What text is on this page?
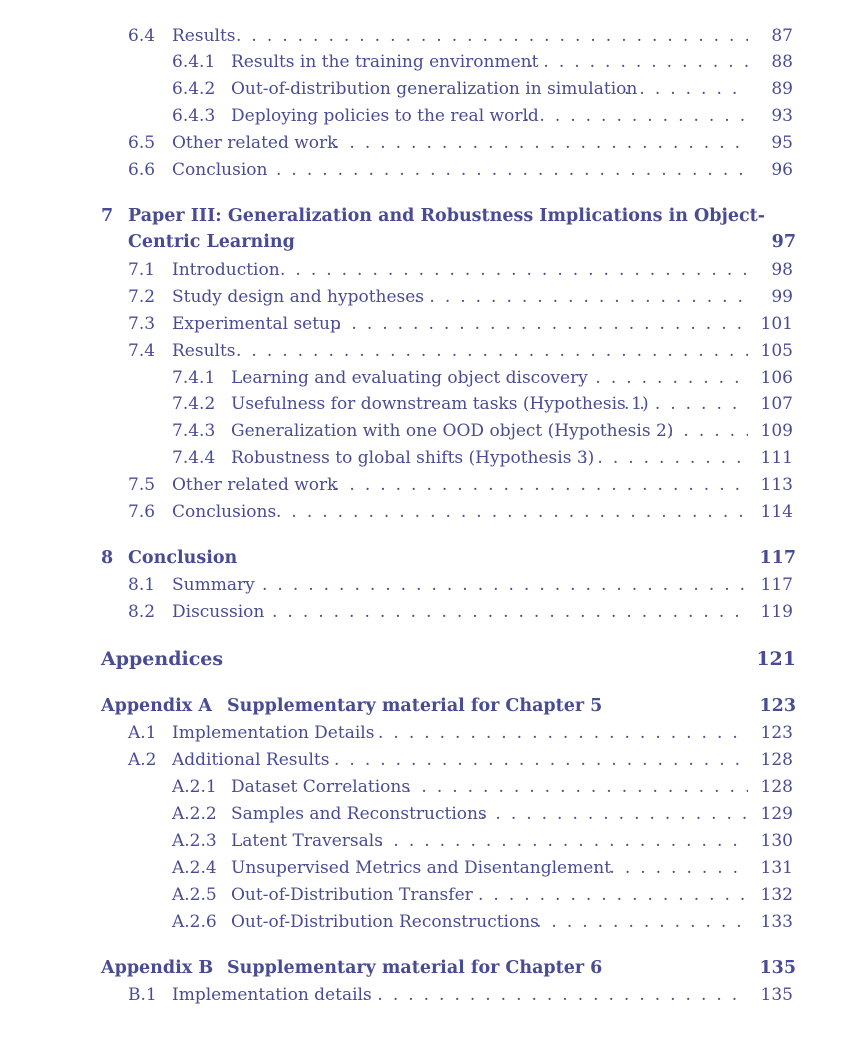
6.4 Results . . .	87
6.4.1 Results in the training environment . . .	88
6.4.2 Out-of-distribution generalization in simulation . . .	89
6.4.3 Deploying policies to the real world . . .	93
6.5 Other related work . . .	95
6.6 Conclusion . . .	96
7 Paper III: Generalization and Robustness Implications in Object-
Centric Learning	97
7.1 Introduction . . .	98
7.2 Study design and hypotheses . . .	99
7.3 Experimental setup . . .	101
7.4 Results . . .	105
7.4.1 Learning and evaluating object discovery . . .	106
7.4.2 Usefulness for downstream tasks (Hypothesis 1) . . .	107
7.4.3 Generalization with one OOD object (Hypothesis 2) . . .	109
7.4.4 Robustness to global shifts (Hypothesis 3) . . .	111
7.5 Other related work . . .	113
7.6 Conclusions . . .	114
8 Conclusion	117
8.1 Summary . . .	117
8.2 Discussion . . .	119
Appendices	121
Appendix A Supplementary material for Chapter 5	123
A.1 Implementation Details . . .	123
A.2 Additional Results . . .	128
A.2.1 Dataset Correlations . . .	128
A.2.2 Samples and Reconstructions . . .	129
A.2.3 Latent Traversals . . .	130
A.2.4 Unsupervised Metrics and Disentanglement . . .	131
A.2.5 Out-of-Distribution Transfer . . .	132
A.2.6 Out-of-Distribution Reconstructions . . .	133
Appendix B Supplementary material for Chapter 6	135
B.1 Implementation details . . .	135
